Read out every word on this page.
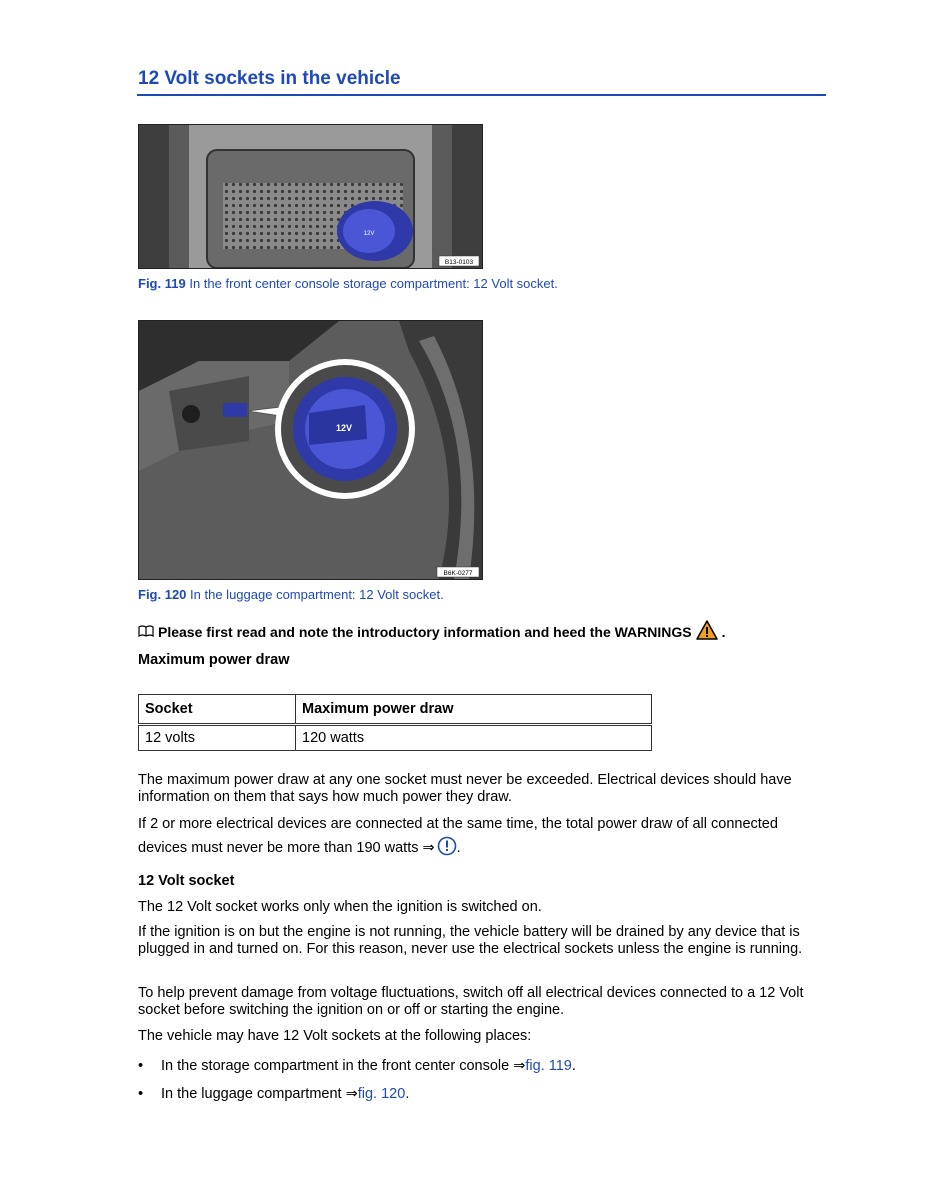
12 Volt sockets in the vehicle
12V
B13-0103
Fig. 119 In the front center console storage compartment: 12 Volt socket.
12V
B6K-0277
Fig. 120 In the luggage compartment: 12 Volt socket.
Please first read and note the introductory information and heed the WARNINGS .
Maximum power draw
Socket	Maximum power draw
12 volts	120 watts
The maximum power draw at any one socket must never be exceeded. Electrical devices should have information on them that says how much power they draw.
If 2 or more electrical devices are connected at the same time, the total power draw of all connected
devices must never be more than 190 watts ⇒ .
12 Volt socket
The 12 Volt socket works only when the ignition is switched on.
If the ignition is on but the engine is not running, the vehicle battery will be drained by any device that is plugged in and turned on. For this reason, never use the electrical sockets unless the engine is running.
To help prevent damage from voltage fluctuations, switch off all electrical devices connected to a 12 Volt socket before switching the ignition on or off or starting the engine.
The vehicle may have 12 Volt sockets at the following places:
•	In the storage compartment in the front center console ⇒ fig. 119 .
•	In the luggage compartment ⇒ fig. 120 .
